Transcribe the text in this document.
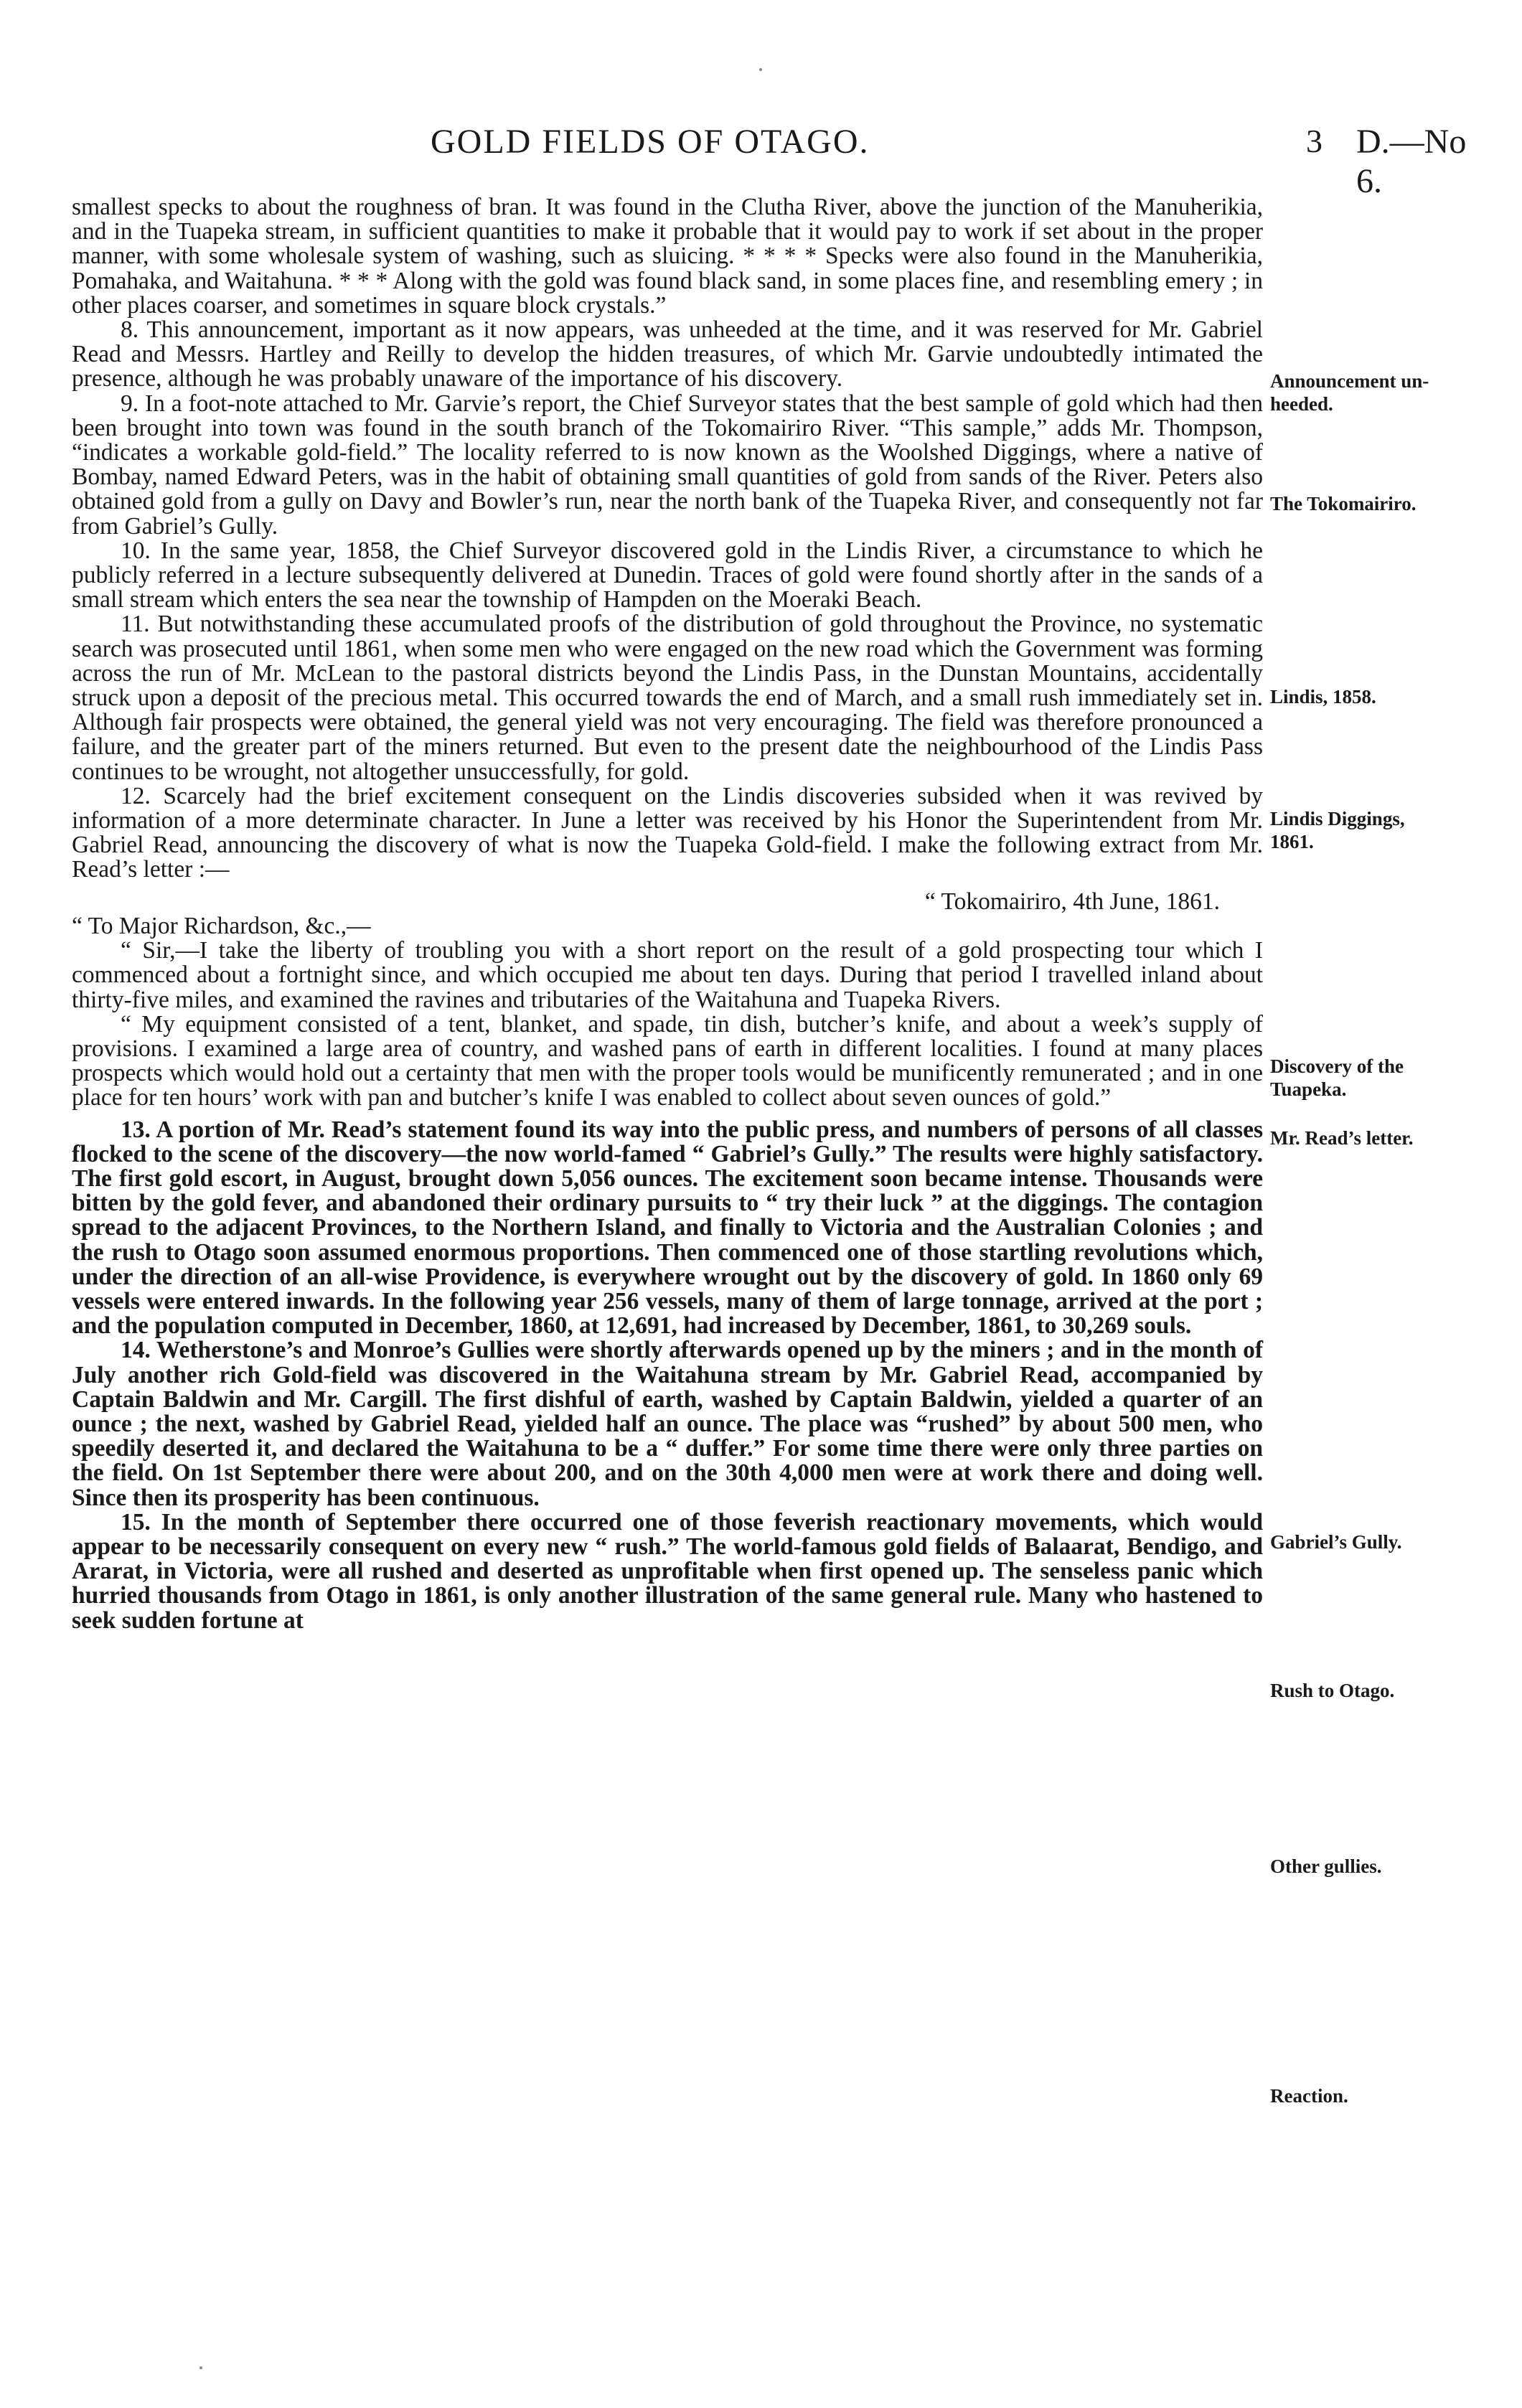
GOLD FIELDS OF OTAGO.	3 D.—No 6.

smallest specks to about the roughness of bran. It was found in the Clutha River, above the junction of the Manuherikia, and in the Tuapeka stream, in sufficient quantities to make it probable that it would pay to work if set about in the proper manner, with some wholesale system of washing, such as sluicing. * * * * Specks were also found in the Manuherikia, Pomahaka, and Waitahuna. * * * Along with the gold was found black sand, in some places fine, and resembling emery ; in other places coarser, and sometimes in square block crystals.”

8. This announcement, important as it now appears, was unheeded at the time, and it was reserved for Mr. Gabriel Read and Messrs. Hartley and Reilly to develop the hidden treasures, of which Mr. Garvie undoubtedly intimated the presence, although he was probably unaware of the importance of his discovery.

9. In a foot-note attached to Mr. Garvie’s report, the Chief Surveyor states that the best sample of gold which had then been brought into town was found in the south branch of the Tokomairiro River. “This sample,” adds Mr. Thompson, “indicates a workable gold-field.” The locality referred to is now known as the Woolshed Diggings, where a native of Bombay, named Edward Peters, was in the habit of obtaining small quantities of gold from sands of the River. Peters also obtained gold from a gully on Davy and Bowler’s run, near the north bank of the Tuapeka River, and consequently not far from Gabriel’s Gully.

10. In the same year, 1858, the Chief Surveyor discovered gold in the Lindis River, a circumstance to which he publicly referred in a lecture subsequently delivered at Dunedin. Traces of gold were found shortly after in the sands of a small stream which enters the sea near the township of Hampden on the Moeraki Beach.

11. But notwithstanding these accumulated proofs of the distribution of gold throughout the Province, no systematic search was prosecuted until 1861, when some men who were engaged on the new road which the Government was forming across the run of Mr. McLean to the pastoral districts beyond the Lindis Pass, in the Dunstan Mountains, accidentally struck upon a deposit of the precious metal. This occurred towards the end of March, and a small rush immediately set in. Although fair prospects were obtained, the general yield was not very encouraging. The field was therefore pronounced a failure, and the greater part of the miners returned. But even to the present date the neighbourhood of the Lindis Pass continues to be wrought, not altogether unsuccessfully, for gold.

12. Scarcely had the brief excitement consequent on the Lindis discoveries subsided when it was revived by information of a more determinate character. In June a letter was received by his Honor the Superintendent from Mr. Gabriel Read, announcing the discovery of what is now the Tuapeka Gold-field. I make the following extract from Mr. Read’s letter :—

“ Tokomairiro, 4th June, 1861.

“ To Major Richardson, &c.,—

“ Sir,—I take the liberty of troubling you with a short report on the result of a gold prospecting tour which I commenced about a fortnight since, and which occupied me about ten days. During that period I travelled inland about thirty-five miles, and examined the ravines and tributaries of the Waitahuna and Tuapeka Rivers.

“ My equipment consisted of a tent, blanket, and spade, tin dish, butcher’s knife, and about a week’s supply of provisions. I examined a large area of country, and washed pans of earth in different localities. I found at many places prospects which would hold out a certainty that men with the proper tools would be munificently remunerated ; and in one place for ten hours’ work with pan and butcher’s knife I was enabled to collect about seven ounces of gold.”

13. A portion of Mr. Read’s statement found its way into the public press, and numbers of persons of all classes flocked to the scene of the discovery—the now world-famed “ Gabriel’s Gully.” The results were highly satisfactory. The first gold escort, in August, brought down 5,056 ounces. The excitement soon became intense. Thousands were bitten by the gold fever, and abandoned their ordinary pursuits to “ try their luck ” at the diggings. The contagion spread to the adjacent Provinces, to the Northern Island, and finally to Victoria and the Australian Colonies ; and the rush to Otago soon assumed enormous proportions. Then commenced one of those startling revolutions which, under the direction of an all-wise Providence, is everywhere wrought out by the discovery of gold. In 1860 only 69 vessels were entered inwards. In the following year 256 vessels, many of them of large tonnage, arrived at the port ; and the population computed in December, 1860, at 12,691, had increased by December, 1861, to 30,269 souls.

14. Wetherstone’s and Monroe’s Gullies were shortly afterwards opened up by the miners ; and in the month of July another rich Gold-field was discovered in the Waitahuna stream by Mr. Gabriel Read, accompanied by Captain Baldwin and Mr. Cargill. The first dishful of earth, washed by Captain Baldwin, yielded a quarter of an ounce ; the next, washed by Gabriel Read, yielded half an ounce. The place was “rushed” by about 500 men, who speedily deserted it, and declared the Waitahuna to be a “ duffer.” For some time there were only three parties on the field. On 1st September there were about 200, and on the 30th 4,000 men were at work there and doing well. Since then its prosperity has been continuous.

15. In the month of September there occurred one of those feverish reactionary movements, which would appear to be necessarily consequent on every new “ rush.” The world-famous gold fields of Balaarat, Bendigo, and Ararat, in Victoria, were all rushed and deserted as unprofitable when first opened up. The senseless panic which hurried thousands from Otago in 1861, is only another illustration of the same general rule. Many who hastened to seek sudden fortune at

Announcement un-
heeded.
The Tokomairiro.
Lindis, 1858.
Lindis Diggings,
1861.
Discovery of the
Tuapeka.
Mr. Read’s letter.
Gabriel’s Gully.
Rush to Otago.
Other gullies.
Reaction.
